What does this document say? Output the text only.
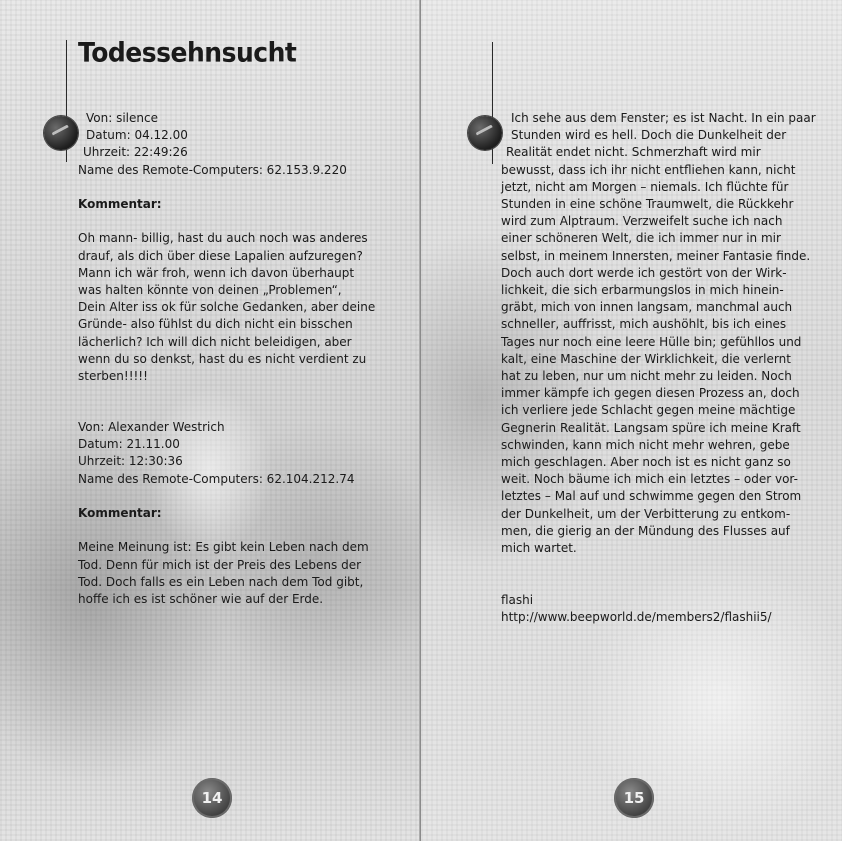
Todessehnsucht

Von: silence

Datum: 04.12.00

Uhrzeit: 22:49:26

Name des Remote-Computers: 62.153.9.220

Kommentar:

Oh mann- billig, hast du auch noch was anderes

drauf, als dich über diese Lapalien aufzuregen?

Mann ich wär froh, wenn ich davon überhaupt

was halten könnte von deinen „Problemen“,

Dein Alter iss ok für solche Gedanken, aber deine

Gründe- also fühlst du dich nicht ein bisschen

lächerlich? Ich will dich nicht beleidigen, aber

wenn du so denkst, hast du es nicht verdient zu

sterben!!!!!

Von: Alexander Westrich

Datum: 21.11.00

Uhrzeit: 12:30:36

Name des Remote-Computers: 62.104.212.74

Kommentar:

Meine Meinung ist: Es gibt kein Leben nach dem

Tod. Denn für mich ist der Preis des Lebens der

Tod. Doch falls es ein Leben nach dem Tod gibt,

hoffe ich es ist schöner wie auf der Erde.

14

Ich sehe aus dem Fenster; es ist Nacht. In ein paar

Stunden wird es hell. Doch die Dunkelheit der

Realität endet nicht. Schmerzhaft wird mir

bewusst, dass ich ihr nicht entfliehen kann, nicht

jetzt, nicht am Morgen – niemals. Ich flüchte für

Stunden in eine schöne Traumwelt, die Rückkehr

wird zum Alptraum. Verzweifelt suche ich nach

einer schöneren Welt, die ich immer nur in mir

selbst, in meinem Innersten, meiner Fantasie finde.

Doch auch dort werde ich gestört von der Wirk-

lichkeit, die sich erbarmungslos in mich hinein-

gräbt, mich von innen langsam, manchmal auch

schneller, auffrisst, mich aushöhlt, bis ich eines

Tages nur noch eine leere Hülle bin; gefühllos und

kalt, eine Maschine der Wirklichkeit, die verlernt

hat zu leben, nur um nicht mehr zu leiden. Noch

immer kämpfe ich gegen diesen Prozess an, doch

ich verliere jede Schlacht gegen meine mächtige

Gegnerin Realität. Langsam spüre ich meine Kraft

schwinden, kann mich nicht mehr wehren, gebe

mich geschlagen. Aber noch ist es nicht ganz so

weit. Noch bäume ich mich ein letztes – oder vor-

letztes – Mal auf und schwimme gegen den Strom

der Dunkelheit, um der Verbitterung zu entkom-

men, die gierig an der Mündung des Flusses auf

mich wartet.

flashi

http://www.beepworld.de/members2/flashii5/

15
